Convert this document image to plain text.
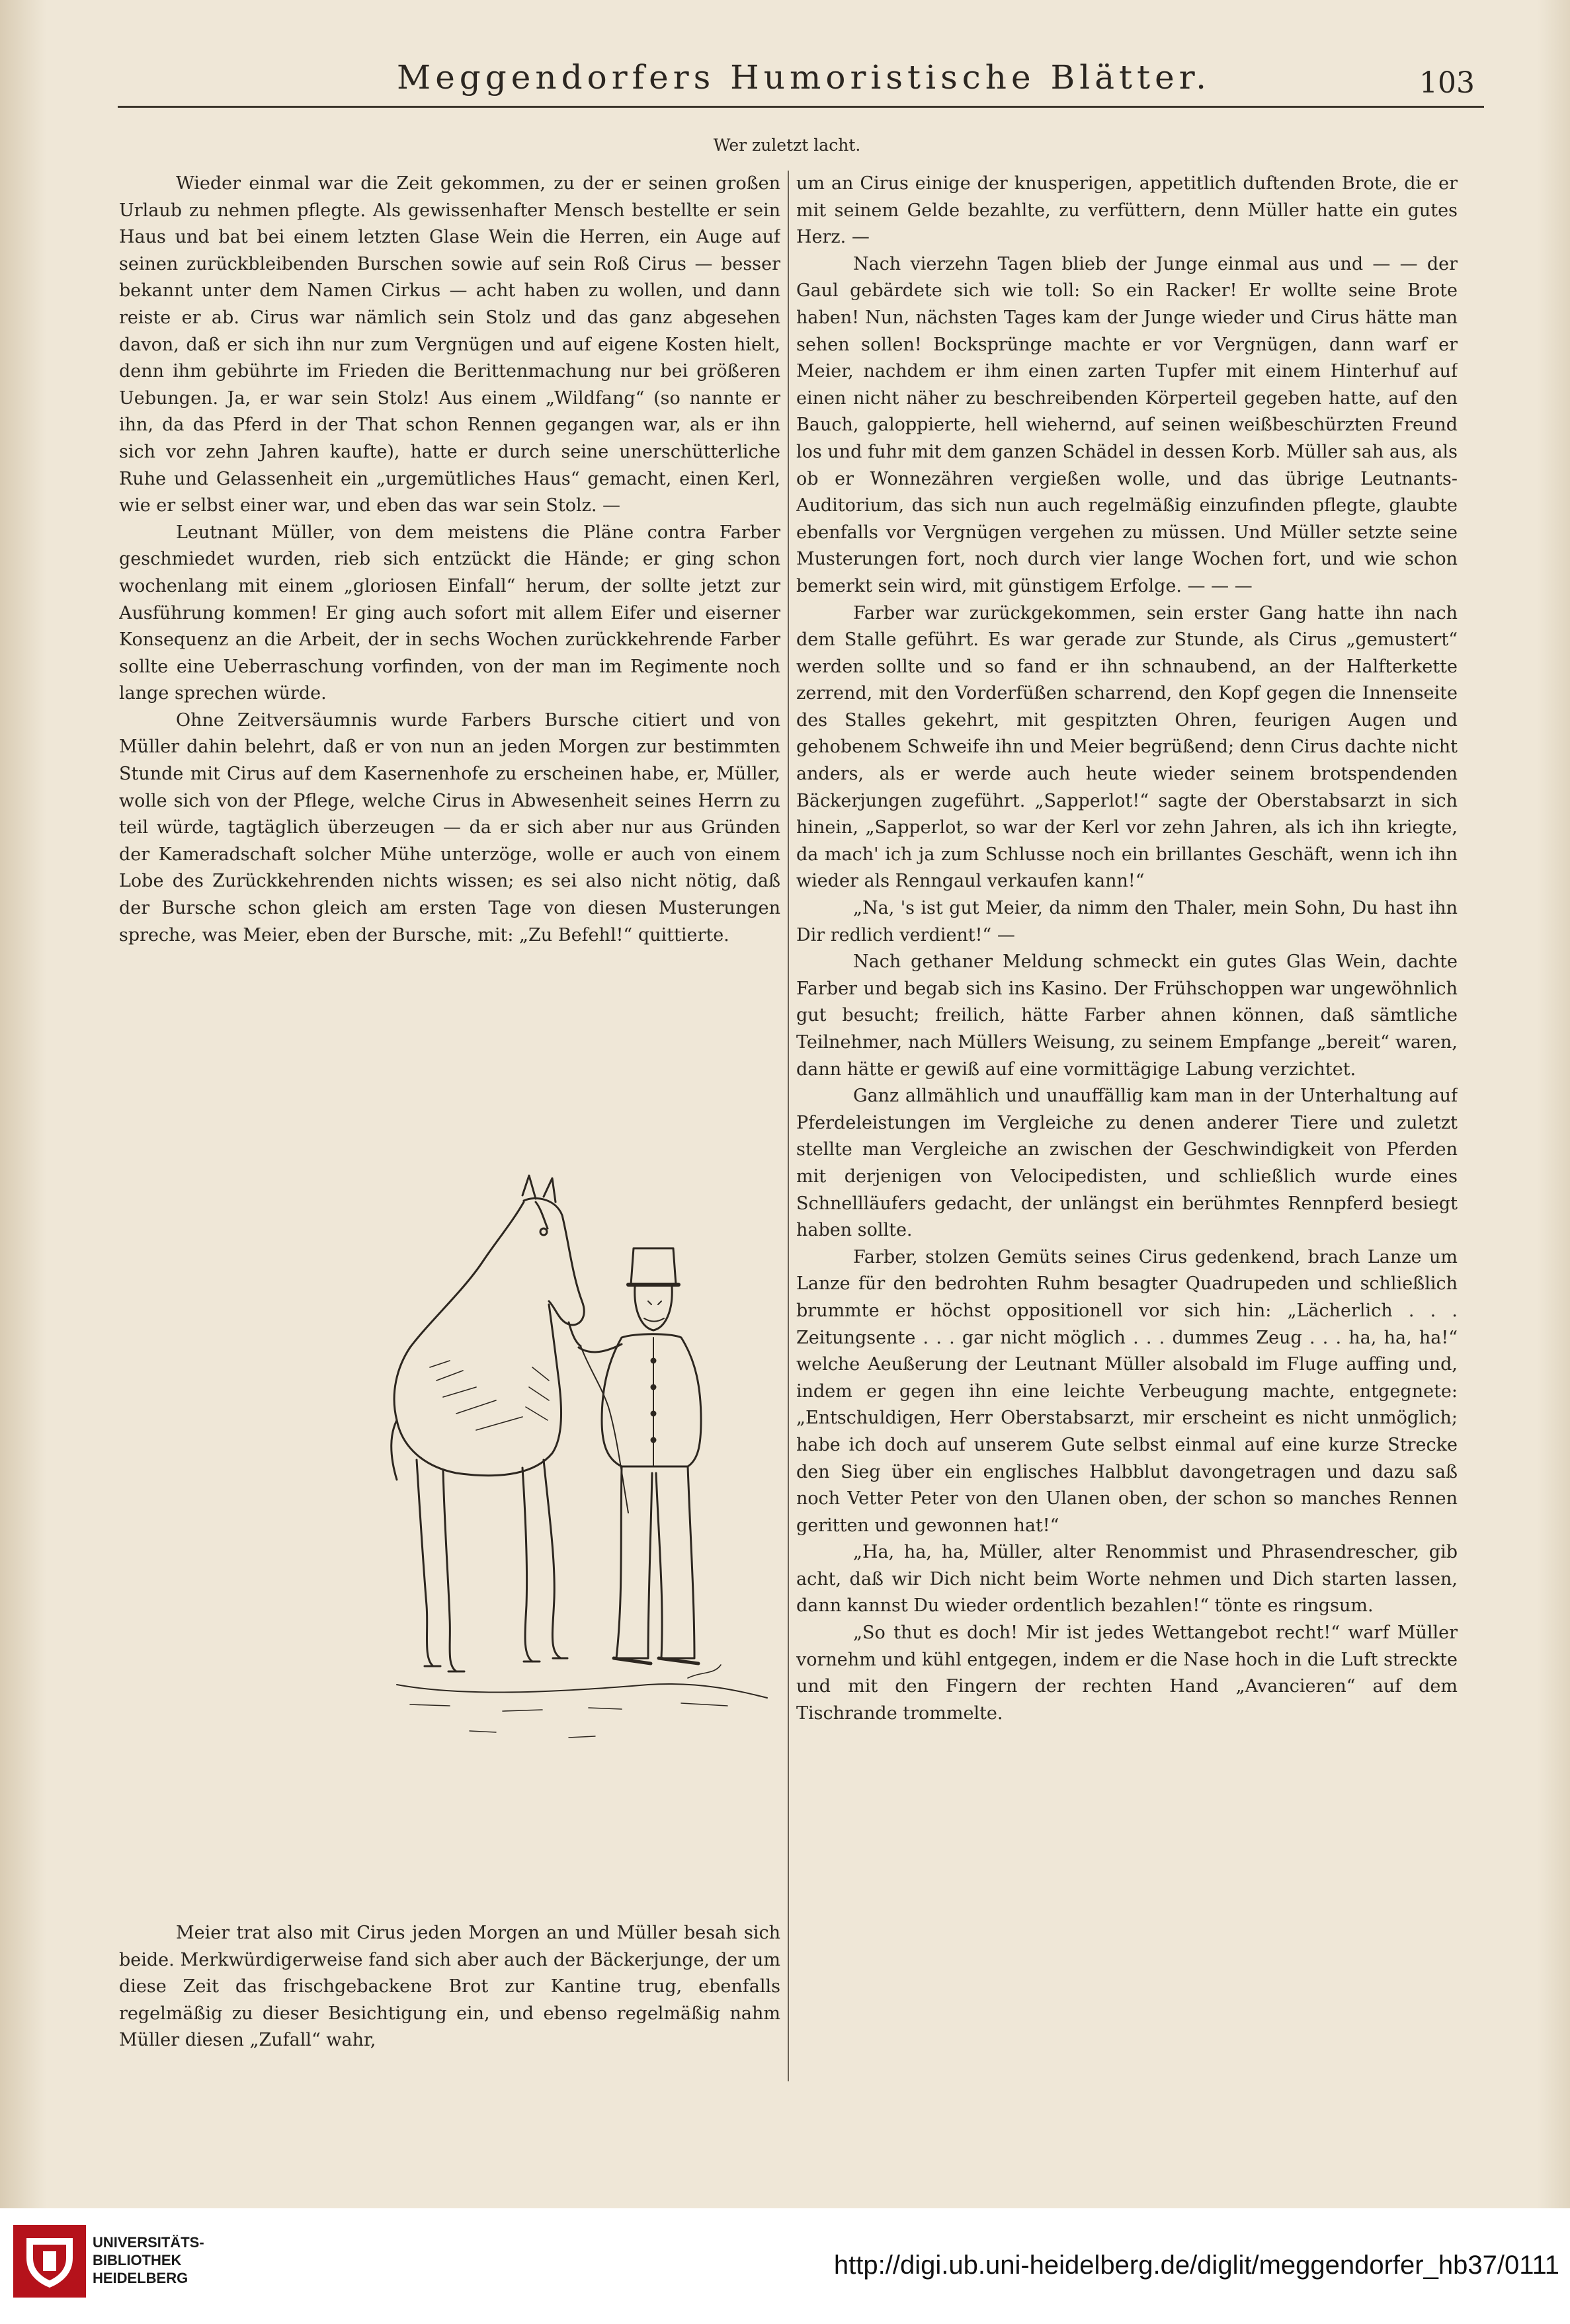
Meggendorfers Humoristische Blätter.	103
Wer zuletzt lacht.

Wieder einmal war die Zeit gekommen, zu der er seinen großen Urlaub zu nehmen pflegte. Als gewissenhafter Mensch bestellte er sein Haus und bat bei einem letzten Glase Wein die Herren, ein Auge auf seinen zurückbleibenden Burschen sowie auf sein Roß Cirus — besser bekannt unter dem Namen Cirkus — acht haben zu wollen, und dann reiste er ab. Cirus war nämlich sein Stolz und das ganz abgesehen davon, daß er sich ihn nur zum Vergnügen und auf eigene Kosten hielt, denn ihm gebührte im Frieden die Berittenmachung nur bei größeren Uebungen. Ja, er war sein Stolz! Aus einem „Wildfang“ (so nannte er ihn, da das Pferd in der That schon Rennen gegangen war, als er ihn sich vor zehn Jahren kaufte), hatte er durch seine unerschütterliche Ruhe und Gelassenheit ein „urgemütliches Haus“ gemacht, einen Kerl, wie er selbst einer war, und eben das war sein Stolz. —

Leutnant Müller, von dem meistens die Pläne contra Farber geschmiedet wurden, rieb sich entzückt die Hände; er ging schon wochenlang mit einem „gloriosen Einfall“ herum, der sollte jetzt zur Ausführung kommen! Er ging auch sofort mit allem Eifer und eiserner Konsequenz an die Arbeit, der in sechs Wochen zurückkehrende Farber sollte eine Ueberraschung vorfinden, von der man im Regimente noch lange sprechen würde.

Ohne Zeitversäumnis wurde Farbers Bursche citiert und von Müller dahin belehrt, daß er von nun an jeden Morgen zur bestimmten Stunde mit Cirus auf dem Kasernenhofe zu erscheinen habe, er, Müller, wolle sich von der Pflege, welche Cirus in Abwesenheit seines Herrn zu teil würde, tagtäglich überzeugen — da er sich aber nur aus Gründen der Kameradschaft solcher Mühe unterzöge, wolle er auch von einem Lobe des Zurückkehrenden nichts wissen; es sei also nicht nötig, daß der Bursche schon gleich am ersten Tage von diesen Musterungen spreche, was Meier, eben der Bursche, mit: „Zu Befehl!“ quittierte.

Meier trat also mit Cirus jeden Morgen an und Müller besah sich beide. Merkwürdigerweise fand sich aber auch der Bäckerjunge, der um diese Zeit das frischgebackene Brot zur Kantine trug, ebenfalls regelmäßig zu dieser Besichtigung ein, und ebenso regelmäßig nahm Müller diesen „Zufall“ wahr,

um an Cirus einige der knusperigen, appetitlich duftenden Brote, die er mit seinem Gelde bezahlte, zu verfüttern, denn Müller hatte ein gutes Herz. —

Nach vierzehn Tagen blieb der Junge einmal aus und — — der Gaul gebärdete sich wie toll: So ein Racker! Er wollte seine Brote haben! Nun, nächsten Tages kam der Junge wieder und Cirus hätte man sehen sollen! Bocksprünge machte er vor Vergnügen, dann warf er Meier, nachdem er ihm einen zarten Tupfer mit einem Hinterhuf auf einen nicht näher zu beschreibenden Körperteil gegeben hatte, auf den Bauch, galoppierte, hell wiehernd, auf seinen weißbeschürzten Freund los und fuhr mit dem ganzen Schädel in dessen Korb. Müller sah aus, als ob er Wonnezähren vergießen wolle, und das übrige Leutnants-Auditorium, das sich nun auch regelmäßig einzufinden pflegte, glaubte ebenfalls vor Vergnügen vergehen zu müssen. Und Müller setzte seine Musterungen fort, noch durch vier lange Wochen fort, und wie schon bemerkt sein wird, mit günstigem Erfolge. — — —

Farber war zurückgekommen, sein erster Gang hatte ihn nach dem Stalle geführt. Es war gerade zur Stunde, als Cirus „gemustert“ werden sollte und so fand er ihn schnaubend, an der Halfterkette zerrend, mit den Vorderfüßen scharrend, den Kopf gegen die Innenseite des Stalles gekehrt, mit gespitzten Ohren, feurigen Augen und gehobenem Schweife ihn und Meier begrüßend; denn Cirus dachte nicht anders, als er werde auch heute wieder seinem brotspendenden Bäckerjungen zugeführt. „Sapperlot!“ sagte der Oberstabsarzt in sich hinein, „Sapperlot, so war der Kerl vor zehn Jahren, als ich ihn kriegte, da mach' ich ja zum Schlusse noch ein brillantes Geschäft, wenn ich ihn wieder als Renngaul verkaufen kann!“

„Na, 's ist gut Meier, da nimm den Thaler, mein Sohn, Du hast ihn Dir redlich verdient!“ —

Nach gethaner Meldung schmeckt ein gutes Glas Wein, dachte Farber und begab sich ins Kasino. Der Frühschoppen war ungewöhnlich gut besucht; freilich, hätte Farber ahnen können, daß sämtliche Teilnehmer, nach Müllers Weisung, zu seinem Empfange „bereit“ waren, dann hätte er gewiß auf eine vormittägige Labung verzichtet.

Ganz allmählich und unauffällig kam man in der Unterhaltung auf Pferdeleistungen im Vergleiche zu denen anderer Tiere und zuletzt stellte man Vergleiche an zwischen der Geschwindigkeit von Pferden mit derjenigen von Velocipedisten, und schließlich wurde eines Schnellläufers gedacht, der unlängst ein berühmtes Rennpferd besiegt haben sollte.

Farber, stolzen Gemüts seines Cirus gedenkend, brach Lanze um Lanze für den bedrohten Ruhm besagter Quadrupeden und schließlich brummte er höchst oppositionell vor sich hin: „Lächerlich . . . Zeitungsente . . . gar nicht möglich . . . dummes Zeug . . . ha, ha, ha!“ welche Aeußerung der Leutnant Müller alsobald im Fluge auffing und, indem er gegen ihn eine leichte Verbeugung machte, entgegnete: „Entschuldigen, Herr Oberstabsarzt, mir erscheint es nicht unmöglich; habe ich doch auf unserem Gute selbst einmal auf eine kurze Strecke den Sieg über ein englisches Halbblut davongetragen und dazu saß noch Vetter Peter von den Ulanen oben, der schon so manches Rennen geritten und gewonnen hat!“

„Ha, ha, ha, Müller, alter Renommist und Phrasendrescher, gib acht, daß wir Dich nicht beim Worte nehmen und Dich starten lassen, dann kannst Du wieder ordentlich bezahlen!“ tönte es ringsum.

„So thut es doch! Mir ist jedes Wettangebot recht!“ warf Müller vornehm und kühl entgegen, indem er die Nase hoch in die Luft streckte und mit den Fingern der rechten Hand „Avancieren“ auf dem Tischrande trommelte.

UNIVERSITÄTS-
BIBLIOTHEK
HEIDELBERG	http://digi.ub.uni-heidelberg.de/diglit/meggendorfer_hb37/0111
